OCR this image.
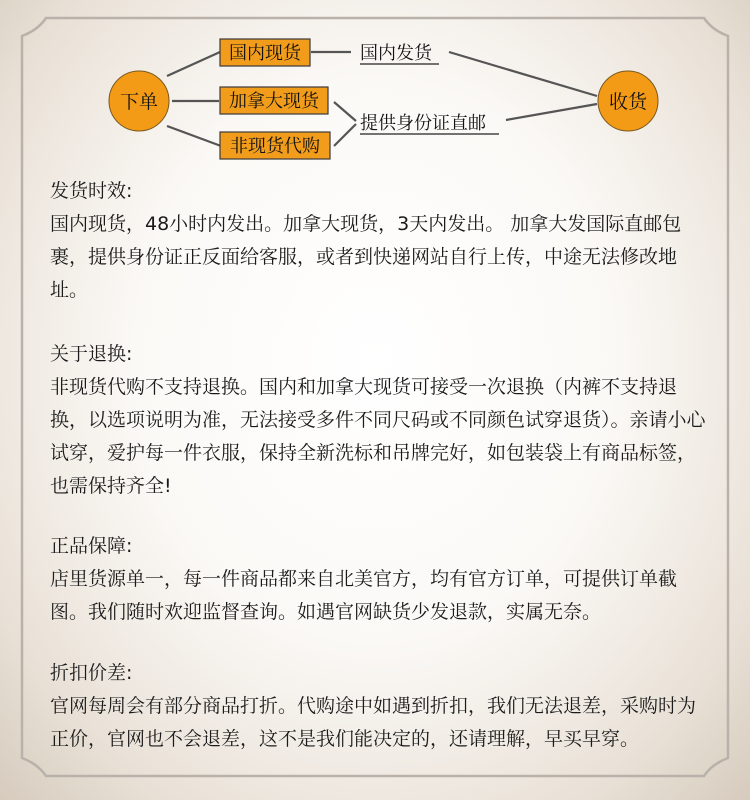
下单	收货
国内现货
加拿大现货
非现货代购
国内发货
提供身份证直邮

发货时效:

国内现货，48小时内发出。加拿大现货，3天内发出。 加拿大发国际直邮包裹，提供身份证正反面给客服，或者到快递网站自行上传，中途无法修改地址。

关于退换:

非现货代购不支持退换。国内和加拿大现货可接受一次退换（内裤不支持退换，以选项说明为准，无法接受多件不同尺码或不同颜色试穿退货）。亲请小心试穿，爱护每一件衣服，保持全新洗标和吊牌完好，如包装袋上有商品标签，也需保持齐全!

正品保障:

店里货源单一，每一件商品都来自北美官方，均有官方订单，可提供订单截图。我们随时欢迎监督查询。如遇官网缺货少发退款，实属无奈。

折扣价差:

官网每周会有部分商品打折。代购途中如遇到折扣，我们无法退差，采购时为正价，官网也不会退差，这不是我们能决定的，还请理解，早买早穿。
